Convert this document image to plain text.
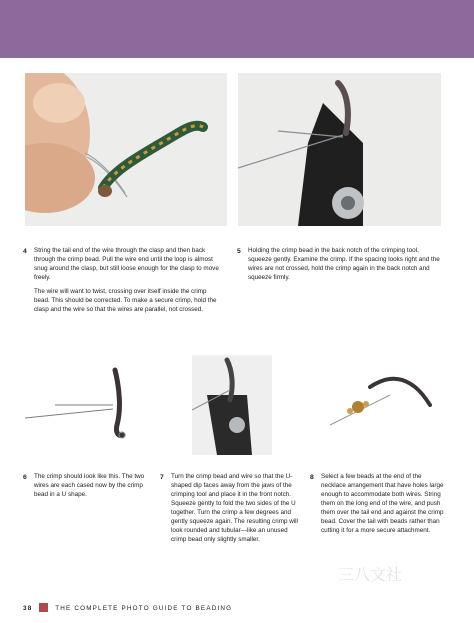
4 String the tail end of the wire through the clasp and then back through the crimp bead. Pull the wire end until the loop is almost snug around the clasp, but still loose enough for the clasp to move freely.

The wire will want to twist, crossing over itself inside the crimp bead. This should be corrected. To make a secure crimp, hold the clasp and the wire so that the wires are parallel, not crossed.

5 Holding the crimp bead in the back notch of the crimping tool, squeeze gently. Examine the crimp. If the spacing looks right and the wires are not crossed, hold the crimp again in the back notch and squeeze firmly.

6 The crimp should look like this. The two wires are each cased now by the crimp bead in a U shape.

7 Turn the crimp bead and wire so that the U-shaped dip faces away from the jaws of the crimping tool and place it in the front notch. Squeeze gently to fold the two sides of the U together. Turn the crimp a few degrees and gently squeeze again. The resulting crimp will look rounded and tubular—like an unused crimp bead only slightly smaller.

8 Select a few beads at the end of the necklace arrangement that have holes large enough to accommodate both wires. String them on the long end of the wire, and push them over the tail end and against the crimp bead. Cover the tail with beads rather than cutting it for a more secure attachment.

三八文社
38	THE COMPLETE PHOTO GUIDE TO BEADING
